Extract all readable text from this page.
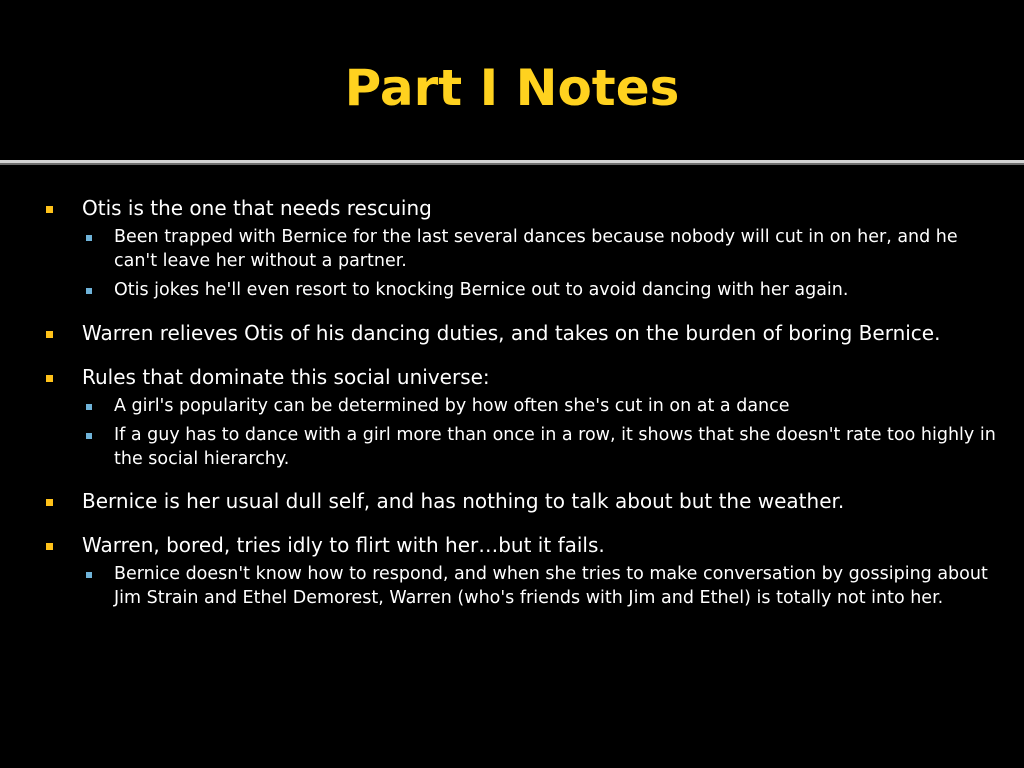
Part I Notes
Otis is the one that needs rescuing
Been trapped with Bernice for the last several dances because nobody will cut in on her, and he can't leave her without a partner.
Otis jokes he'll even resort to knocking Bernice out to avoid dancing with her again.
Warren relieves Otis of his dancing duties, and takes on the burden of boring Bernice.
Rules that dominate this social universe:
A girl's popularity can be determined by how often she's cut in on at a dance
If a guy has to dance with a girl more than once in a row, it shows that she doesn't rate too highly in the social hierarchy.
Bernice is her usual dull self, and has nothing to talk about but the weather.
Warren, bored, tries idly to flirt with her…but it fails.
Bernice doesn't know how to respond, and when she tries to make conversation by gossiping about Jim Strain and Ethel Demorest, Warren (who's friends with Jim and Ethel) is totally not into her.
